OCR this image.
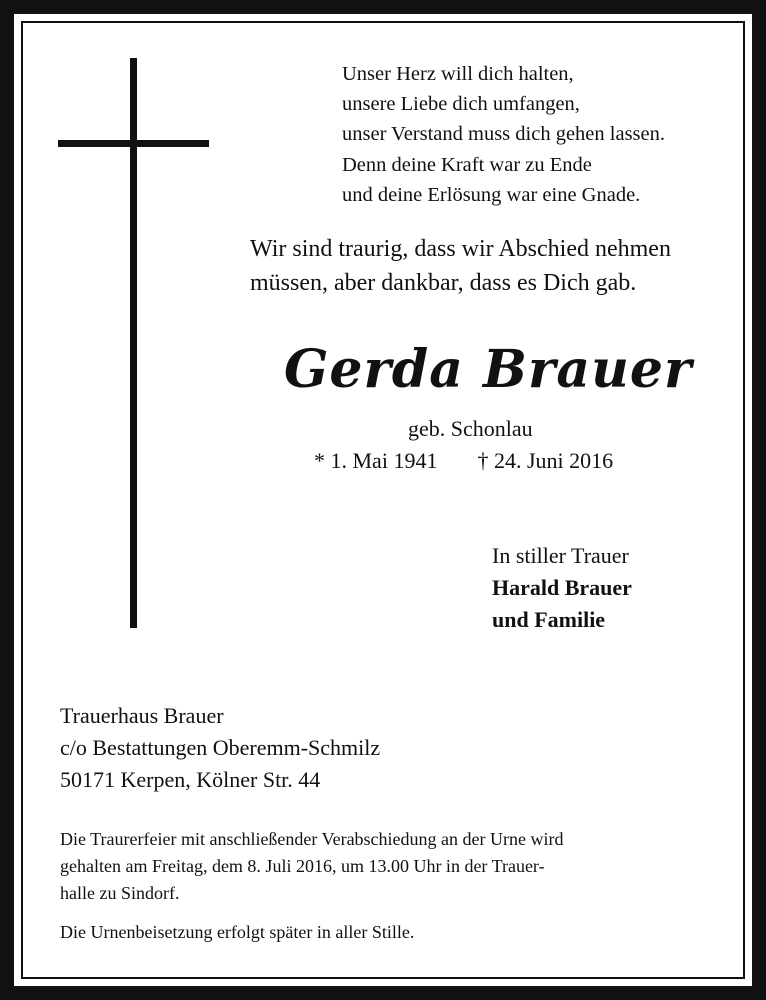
Unser Herz will dich halten,
unsere Liebe dich umfangen,
unser Verstand muss dich gehen lassen.
Denn deine Kraft war zu Ende
und deine Erlösung war eine Gnade.
Wir sind traurig, dass wir Abschied nehmen
müssen, aber dankbar, dass es Dich gab.
Gerda Brauer
geb. Schonlau
* 1. Mai 1941 † 24. Juni 2016
In stiller Trauer
Harald Brauer
und Familie
Trauerhaus Brauer
c/o Bestattungen Oberemm-Schmilz
50171 Kerpen, Kölner Str. 44
Die Traurerfeier mit anschließender Verabschiedung an der Urne wird
gehalten am Freitag, dem 8. Juli 2016, um 13.00 Uhr in der Trauer-
halle zu Sindorf.
Die Urnenbeisetzung erfolgt später in aller Stille.
